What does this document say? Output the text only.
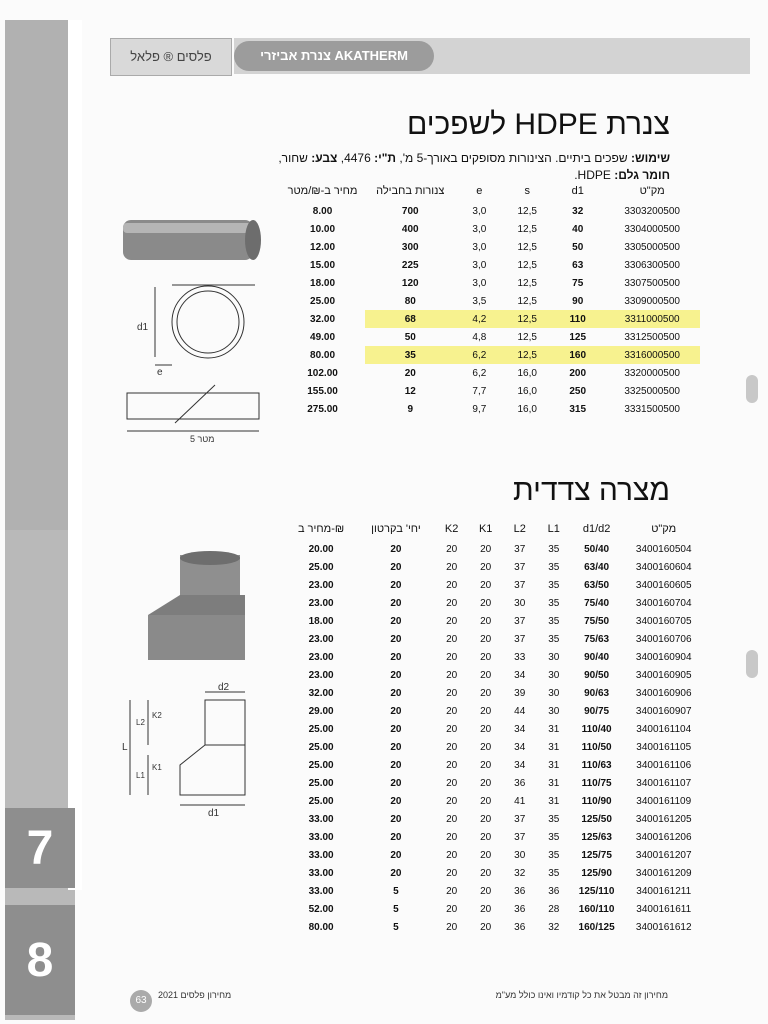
7
8
פלסים ® פלאל	צנרת אביזרי AKATHERM
צנרת HDPE לשפכים
שימוש: שפכים ביתיים. הצינורות מסופקים באורך-5 מ', ת"י: 4476, צבע: שחור,
חומר גלם: HDPE.
מחיר ב-₪/מטר	צנורות בחבילה	e	s	d1	מק"ט
8.00	700	3,0	12,5	32	3303200500
10.00	400	3,0	12,5	40	3304000500
12.00	300	3,0	12,5	50	3305000500
15.00	225	3,0	12,5	63	3306300500
18.00	120	3,0	12,5	75	3307500500
25.00	80	3,5	12,5	90	3309000500
32.00	68	4,2	12,5	110	3311000500
49.00	50	4,8	12,5	125	3312500500
80.00	35	6,2	12,5	160	3316000500
102.00	20	6,2	16,0	200	3320000500
155.00	12	7,7	16,0	250	3325000500
275.00	9	9,7	16,0	315	3331500500
d1
e
5 מטר
מצרה צדדית
מחיר ב-₪	יחי' בקרטון	K2	K1	L2	L1	d1/d2	מק"ט
20.00	20	20	20	37	35	50/40	3400160504
25.00	20	20	20	37	35	63/40	3400160604
23.00	20	20	20	37	35	63/50	3400160605
23.00	20	20	20	30	35	75/40	3400160704
18.00	20	20	20	37	35	75/50	3400160705
23.00	20	20	20	37	35	75/63	3400160706
23.00	20	20	20	33	30	90/40	3400160904
23.00	20	20	20	34	30	90/50	3400160905
32.00	20	20	20	39	30	90/63	3400160906
29.00	20	20	20	44	30	90/75	3400160907
25.00	20	20	20	34	31	110/40	3400161104
25.00	20	20	20	34	31	110/50	3400161105
25.00	20	20	20	34	31	110/63	3400161106
25.00	20	20	20	36	31	110/75	3400161107
25.00	20	20	20	41	31	110/90	3400161109
33.00	20	20	20	37	35	125/50	3400161205
33.00	20	20	20	37	35	125/63	3400161206
33.00	20	20	20	30	35	125/75	3400161207
33.00	20	20	20	32	35	125/90	3400161209
33.00	5	20	20	36	36	125/110	3400161211
52.00	5	20	20	36	28	160/110	3400161611
80.00	5	20	20	36	32	160/125	3400161612
d2
d1
L
L2
L1
K2
K1
63	מחירון פלסים 2021	מחירון זה מבטל את כל קודמיו ואינו כולל מע"מ
